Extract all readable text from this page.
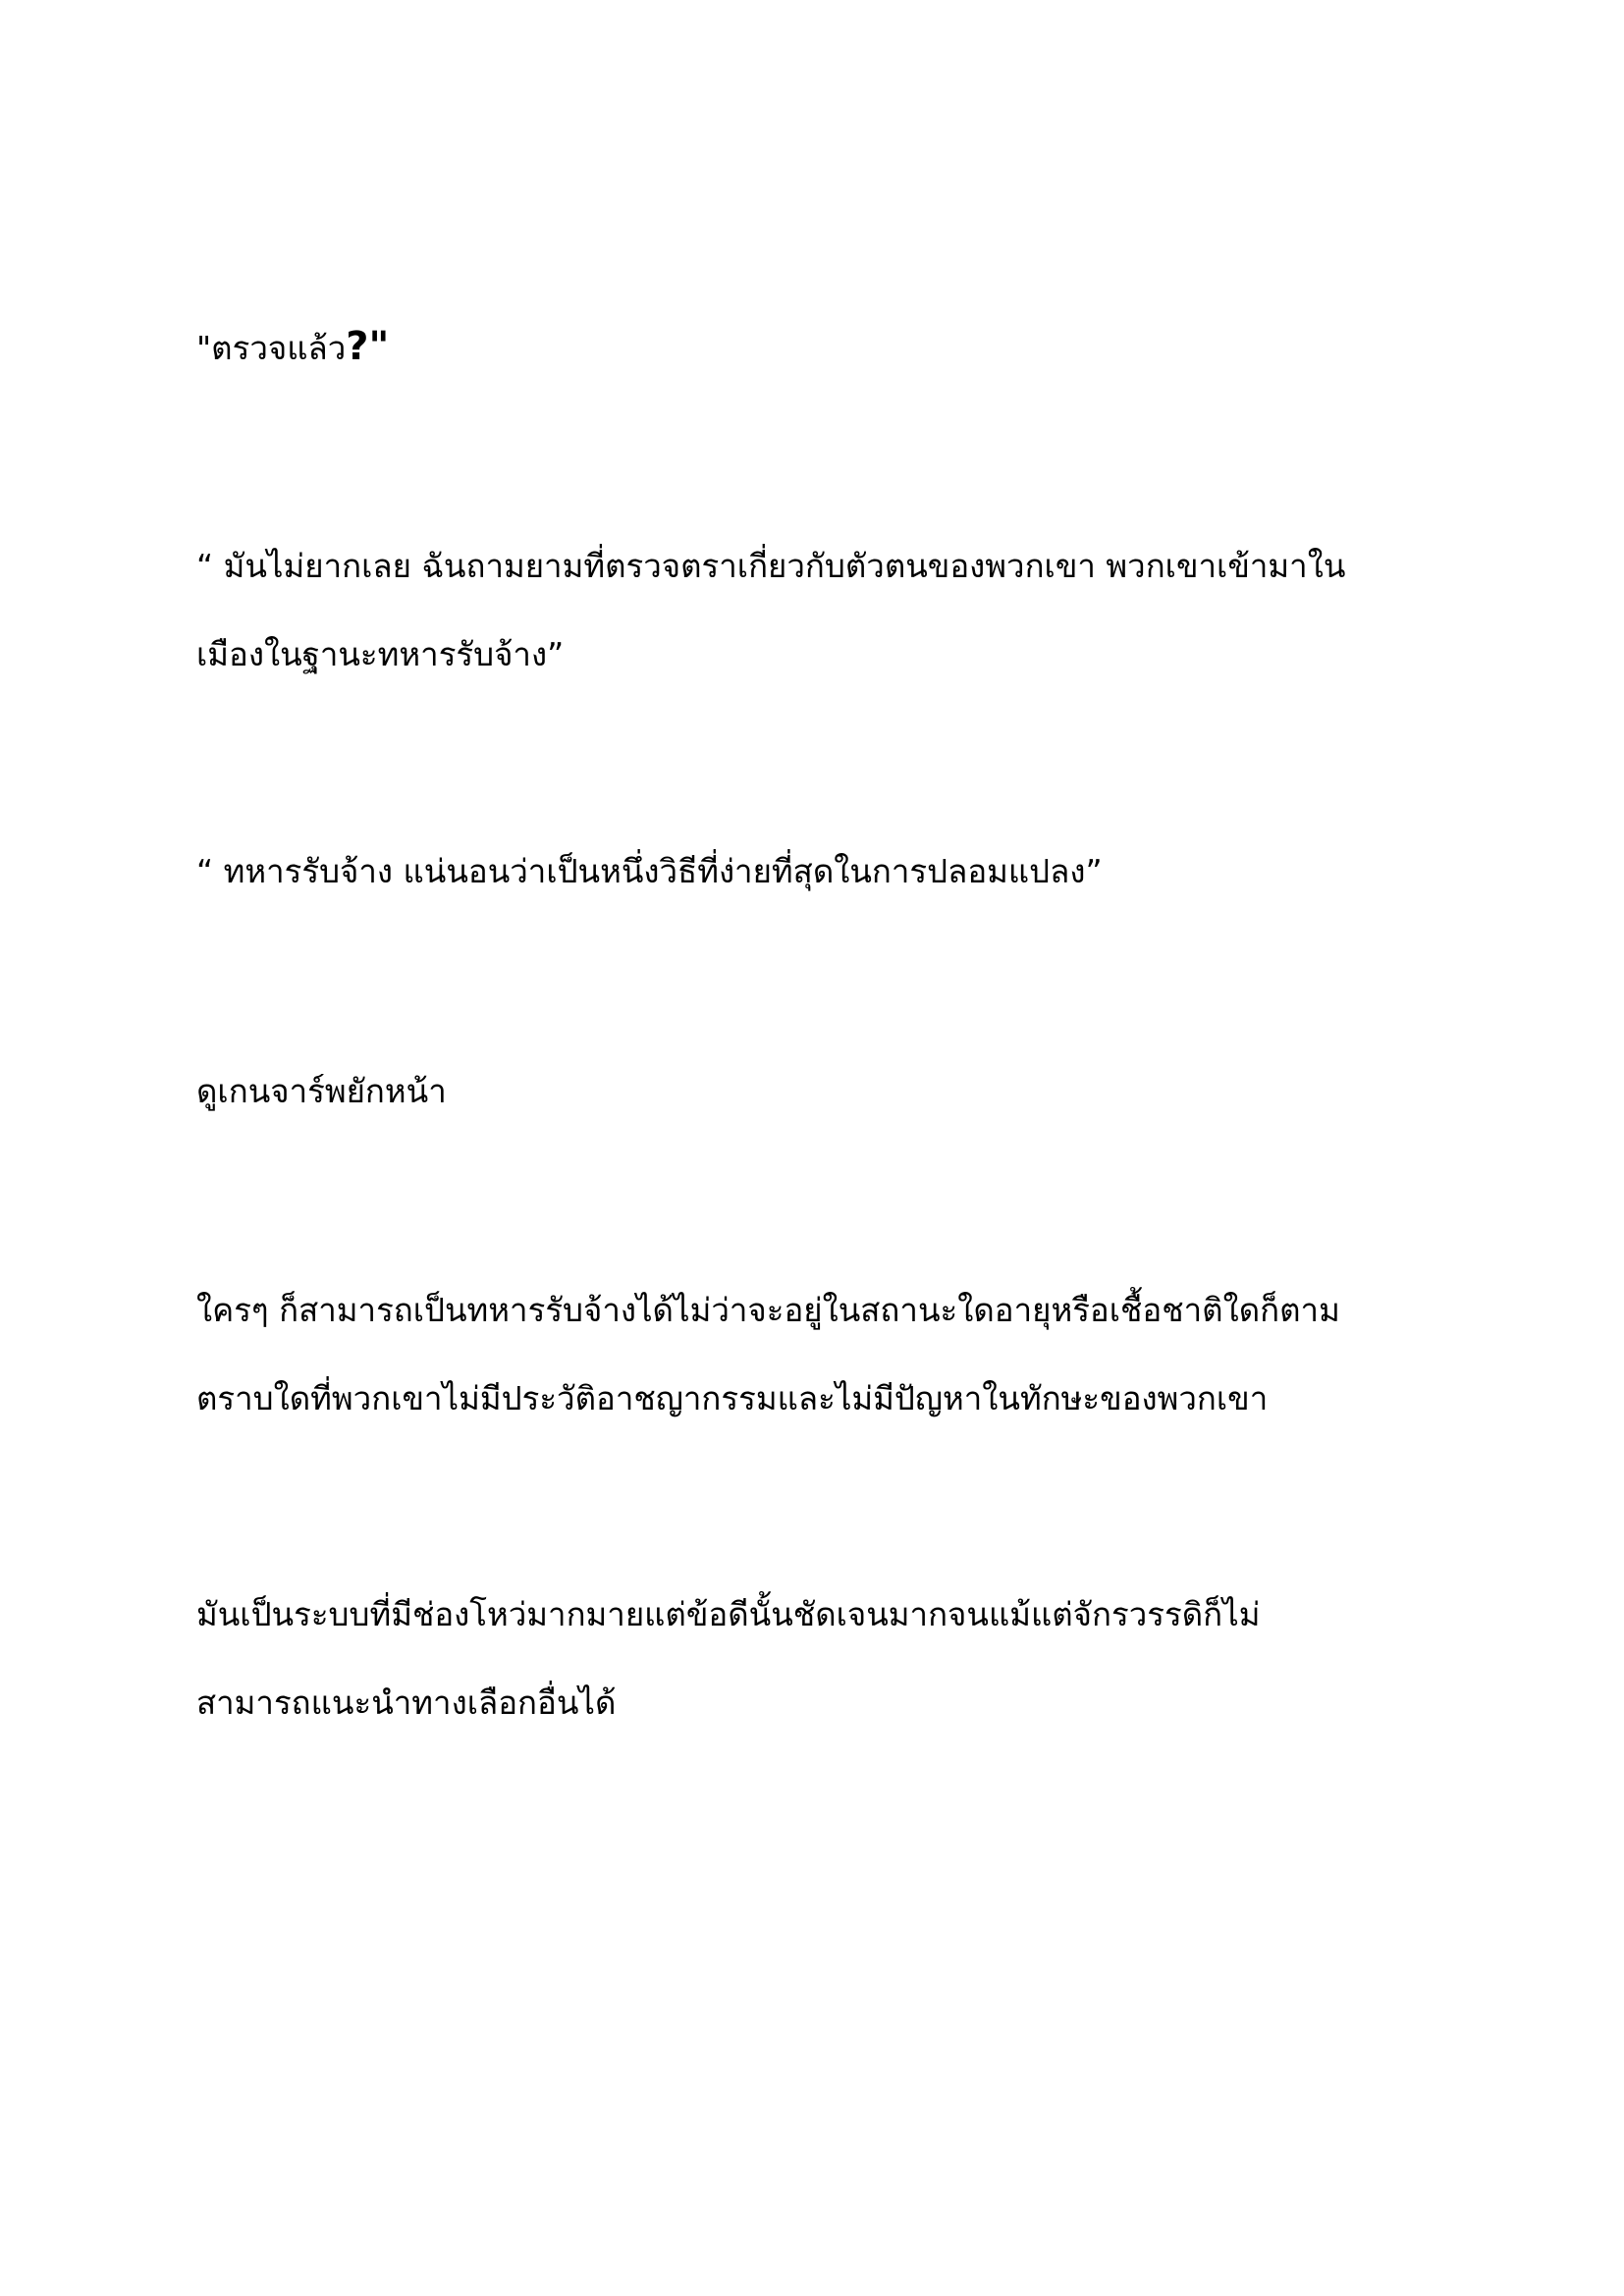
"ตรวจแล้ว?"

“ มันไม่ยากเลย ฉันถามยามที่ตรวจตราเกี่ยวกับตัวตนของพวกเขา พวกเขาเข้ามาใน
เมืองในฐานะทหารรับจ้าง”

“ ทหารรับจ้าง แน่นอนว่าเป็นหนึ่งวิธีที่ง่ายที่สุดในการปลอมแปลง”

ดูเกนจาร์พยักหน้า

ใครๆ ก็สามารถเป็นทหารรับจ้างได้ไม่ว่าจะอยู่ในสถานะใดอายุหรือเชื้อชาติใดก็ตาม
ตราบใดที่พวกเขาไม่มีประวัติอาชญากรรมและไม่มีปัญหาในทักษะของพวกเขา

มันเป็นระบบที่มีช่องโหว่มากมายแต่ข้อดีนั้นชัดเจนมากจนแม้แต่จักรวรรดิก็ไม่
สามารถแนะนำทางเลือกอื่นได้
